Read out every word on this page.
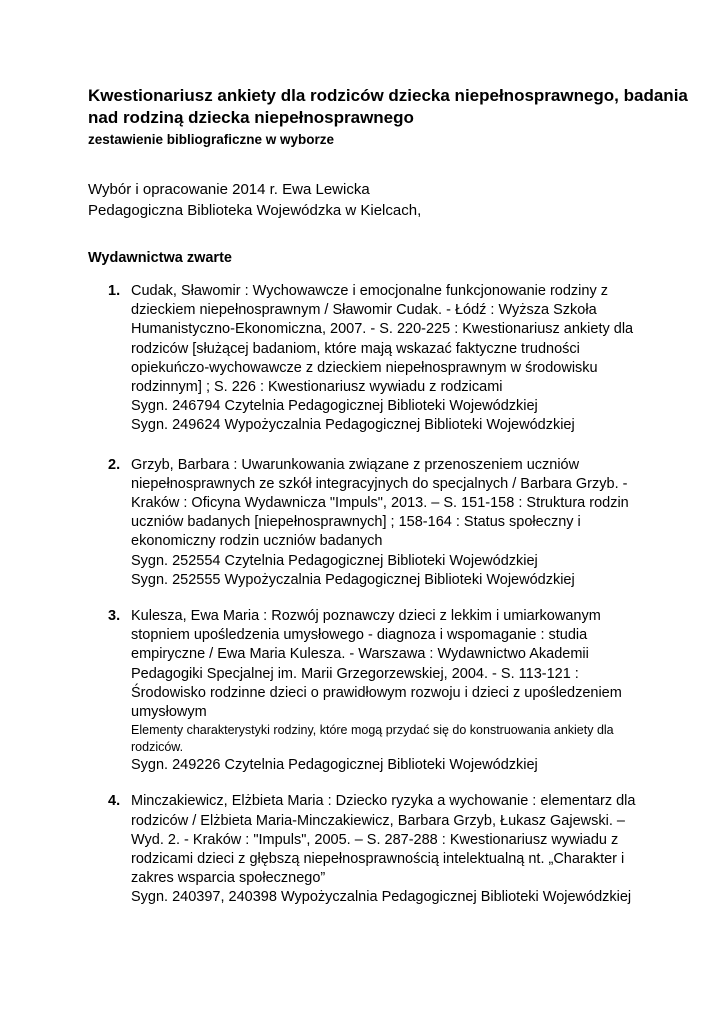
Kwestionariusz ankiety dla rodziców dziecka niepełnosprawnego, badania nad rodziną dziecka niepełnosprawnego
zestawienie bibliograficzne w wyborze
Wybór i opracowanie 2014 r. Ewa Lewicka
Pedagogiczna Biblioteka Wojewódzka w Kielcach,
Wydawnictwa zwarte
1. Cudak, Sławomir : Wychowawcze i emocjonalne funkcjonowanie rodziny z dzieckiem niepełnosprawnym / Sławomir Cudak. - Łódź : Wyższa Szkoła Humanistyczno-Ekonomiczna, 2007. - S. 220-225 : Kwestionariusz ankiety dla rodziców [służącej badaniom, które mają wskazać faktyczne trudności opiekuńczo-wychowawcze z dzieckiem niepełnosprawnym w środowisku rodzinnym] ; S. 226 : Kwestionariusz wywiadu z rodzicami
Sygn. 246794 Czytelnia Pedagogicznej Biblioteki Wojewódzkiej
Sygn. 249624 Wypożyczalnia Pedagogicznej Biblioteki Wojewódzkiej
2. Grzyb, Barbara : Uwarunkowania związane z przenoszeniem uczniów niepełnosprawnych ze szkół integracyjnych do specjalnych / Barbara Grzyb. - Kraków : Oficyna Wydawnicza "Impuls", 2013. – S. 151-158 : Struktura rodzin uczniów badanych [niepełnosprawnych] ; 158-164 : Status społeczny i ekonomiczny rodzin uczniów badanych
Sygn. 252554 Czytelnia Pedagogicznej Biblioteki Wojewódzkiej
Sygn. 252555 Wypożyczalnia Pedagogicznej Biblioteki Wojewódzkiej
3. Kulesza, Ewa Maria : Rozwój poznawczy dzieci z lekkim i umiarkowanym stopniem upośledzenia umysłowego - diagnoza i wspomaganie : studia empiryczne / Ewa Maria Kulesza. - Warszawa : Wydawnictwo Akademii Pedagogiki Specjalnej im. Marii Grzegorzewskiej, 2004. - S. 113-121 : Środowisko rodzinne dzieci o prawidłowym rozwoju i dzieci z upośledzeniem umysłowym
Elementy charakterystyki rodziny, które mogą przydać się do konstruowania ankiety dla rodziców.
Sygn. 249226 Czytelnia Pedagogicznej Biblioteki Wojewódzkiej
4. Minczakiewicz, Elżbieta Maria : Dziecko ryzyka a wychowanie : elementarz dla rodziców / Elżbieta Maria-Minczakiewicz, Barbara Grzyb, Łukasz Gajewski. – Wyd. 2. - Kraków : "Impuls", 2005. – S. 287-288 : Kwestionariusz wywiadu z rodzicami dzieci z głębszą niepełnosprawnością intelektualną nt. „Charakter i zakres wsparcia społecznego”
Sygn. 240397, 240398 Wypożyczalnia Pedagogicznej Biblioteki Wojewódzkiej
